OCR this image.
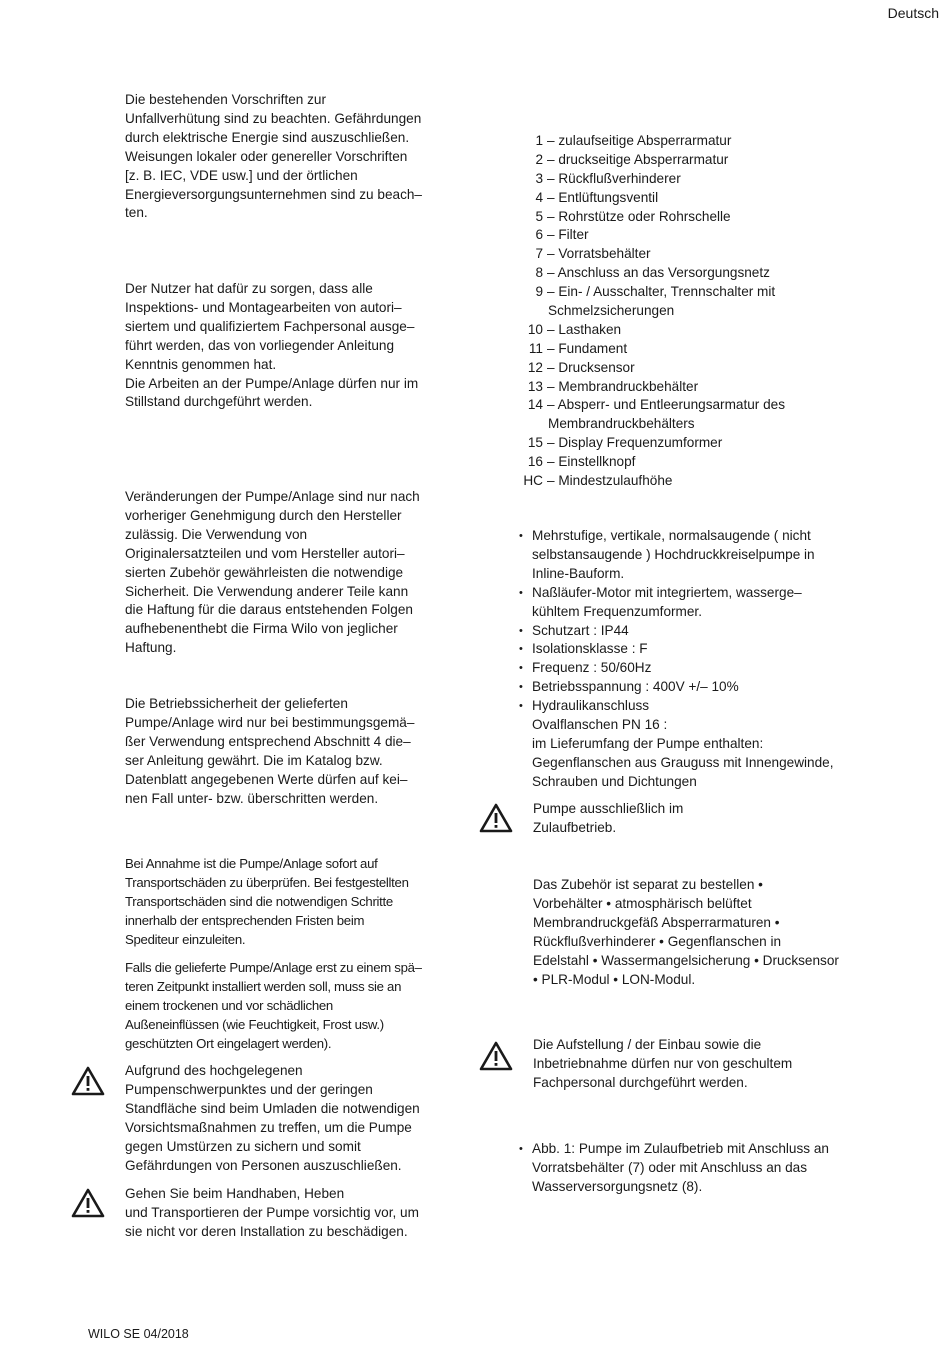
Deutsch
WILO SE 04/2018

Die bestehenden Vorschriften zur
Unfallverhütung sind zu beachten. Gefährdungen
durch elektrische Energie sind auszuschließen.
Weisungen lokaler oder genereller Vorschriften
[z. B. IEC, VDE usw.] und der örtlichen
Energieversorgungsunternehmen sind zu beach–
ten.

Der Nutzer hat dafür zu sorgen, dass alle
Inspektions- und Montagearbeiten von autori–
siertem und qualifiziertem Fachpersonal ausge–
führt werden, das von vorliegender Anleitung
Kenntnis genommen hat.
Die Arbeiten an der Pumpe/Anlage dürfen nur im
Stillstand durchgeführt werden.

Veränderungen der Pumpe/Anlage sind nur nach
vorheriger Genehmigung durch den Hersteller
zulässig. Die Verwendung von
Originalersatzteilen und vom Hersteller autori–
sierten Zubehör gewährleisten die notwendige
Sicherheit. Die Verwendung anderer Teile kann
die Haftung für die daraus entstehenden Folgen
aufhebenenthebt die Firma Wilo von jeglicher
Haftung.

Die Betriebssicherheit der gelieferten
Pumpe/Anlage wird nur bei bestimmungsgemä–
ßer Verwendung entsprechend Abschnitt 4 die–
ser Anleitung gewährt. Die im Katalog bzw.
Datenblatt angegebenen Werte dürfen auf kei–
nen Fall unter- bzw. überschritten werden.

Bei Annahme ist die Pumpe/Anlage sofort auf
Transportschäden zu überprüfen. Bei festgestellten
Transportschäden sind die notwendigen Schritte
innerhalb der entsprechenden Fristen beim
Spediteur einzuleiten.

Falls die gelieferte Pumpe/Anlage erst zu einem spä–
teren Zeitpunkt installiert werden soll, muss sie an
einem trockenen und vor schädlichen
Außeneinflüssen (wie Feuchtigkeit, Frost usw.)
geschützten Ort eingelagert werden).

Aufgrund des hochgelegenen
Pumpenschwerpunktes und der geringen
Standfläche sind beim Umladen die notwendigen
Vorsichtsmaßnahmen zu treffen, um die Pumpe
gegen Umstürzen zu sichern und somit
Gefährdungen von Personen auszuschließen.

Gehen Sie beim Handhaben, Heben
und Transportieren der Pumpe vorsichtig vor, um
sie nicht vor deren Installation zu beschädigen.

1 – zulaufseitige Absperrarmatur
2 – druckseitige Absperrarmatur
3 – Rückflußverhinderer
4 – Entlüftungsventil
5 – Rohrstütze oder Rohrschelle
6 – Filter
7 – Vorratsbehälter
8 – Anschluss an das Versorgungsnetz
9 – Ein- / Ausschalter, Trennschalter mit
Schmelzsicherungen
10 – Lasthaken
11 – Fundament
12 – Drucksensor
13 – Membrandruckbehälter
14 – Absperr- und Entleerungsarmatur des
Membrandruckbehälters
15 – Display Frequenzumformer
16 – Einstellknopf
HC – Mindestzulaufhöhe
• Mehrstufige, vertikale, normalsaugende ( nicht
selbstansaugende ) Hochdruckkreiselpumpe in
Inline-Bauform.
• Naßläufer-Motor mit integriertem, wasserge–
kühltem Frequenzumformer.
• Schutzart : IP44
• Isolationsklasse : F
• Frequenz : 50/60Hz
• Betriebsspannung : 400V +/– 10%
• Hydraulikanschluss
Ovalflanschen PN 16 :
im Lieferumfang der Pumpe enthalten:
Gegenflanschen aus Grauguss mit Innengewinde,
Schrauben und Dichtungen

Pumpe ausschließlich im
Zulaufbetrieb.

Das Zubehör ist separat zu bestellen •
Vorbehälter • atmosphärisch belüftet
Membrandruckgefäß Absperrarmaturen •
Rückflußverhinderer • Gegenflanschen in
Edelstahl • Wassermangelsicherung • Drucksensor
• PLR-Modul • LON-Modul.

Die Aufstellung / der Einbau sowie die
Inbetriebnahme dürfen nur von geschultem
Fachpersonal durchgeführt werden.

• Abb. 1: Pumpe im Zulaufbetrieb mit Anschluss an
Vorratsbehälter (7) oder mit Anschluss an das
Wasserversorgungsnetz (8).
